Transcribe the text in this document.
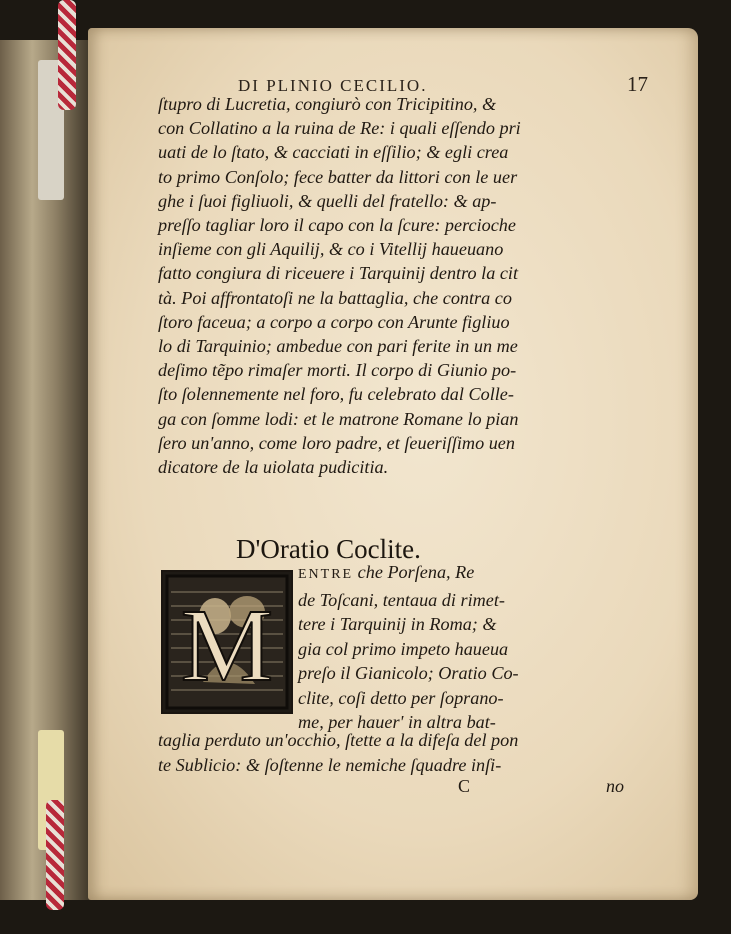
DI PLINIO CECILIO.	17
ſtupro di Lucretia, congiurò con Tricipitino, &
con Collatino a la ruina de Re: i quali eſſendo pri
uati de lo ſtato, & cacciati in eſſilio; & egli crea
to primo Conſolo; fece batter da littori con le uer
ghe i ſuoi figliuoli, & quelli del fratello: & ap-
preſſo tagliar loro il capo con la ſcure: percioche
inſieme con gli Aquilij, & co i Vitellij haueuano
fatto congiura di riceuere i Tarquinij dentro la cit
tà. Poi affrontatoſi ne la battaglia, che contra co
ſtoro faceua; a corpo a corpo con Arunte figliuo
lo di Tarquinio; ambedue con pari ferite in un me
deſimo tẽpo rimaſer morti. Il corpo di Giunio po-
ſto ſolennemente nel foro, fu celebrato dal Colle-
ga con ſomme lodi: et le matrone Romane lo pian
ſero un'anno, come loro padre, et ſeueriſſimo uen
dicatore de la uiolata pudicitia.
D'Oratio Coclite.
M
ENTRE che Porſena, Re
de Toſcani, tentaua di rimet-
tere i Tarquinij in Roma; &
gia col primo impeto haueua
preſo il Gianicolo; Oratio Co-
clite, coſi detto per ſoprano-
me, per hauer' in altra bat-
taglia perduto un'occhio, ſtette a la difeſa del pon
te Sublicio: & ſoſtenne le nemiche ſquadre inſi-
C	no
